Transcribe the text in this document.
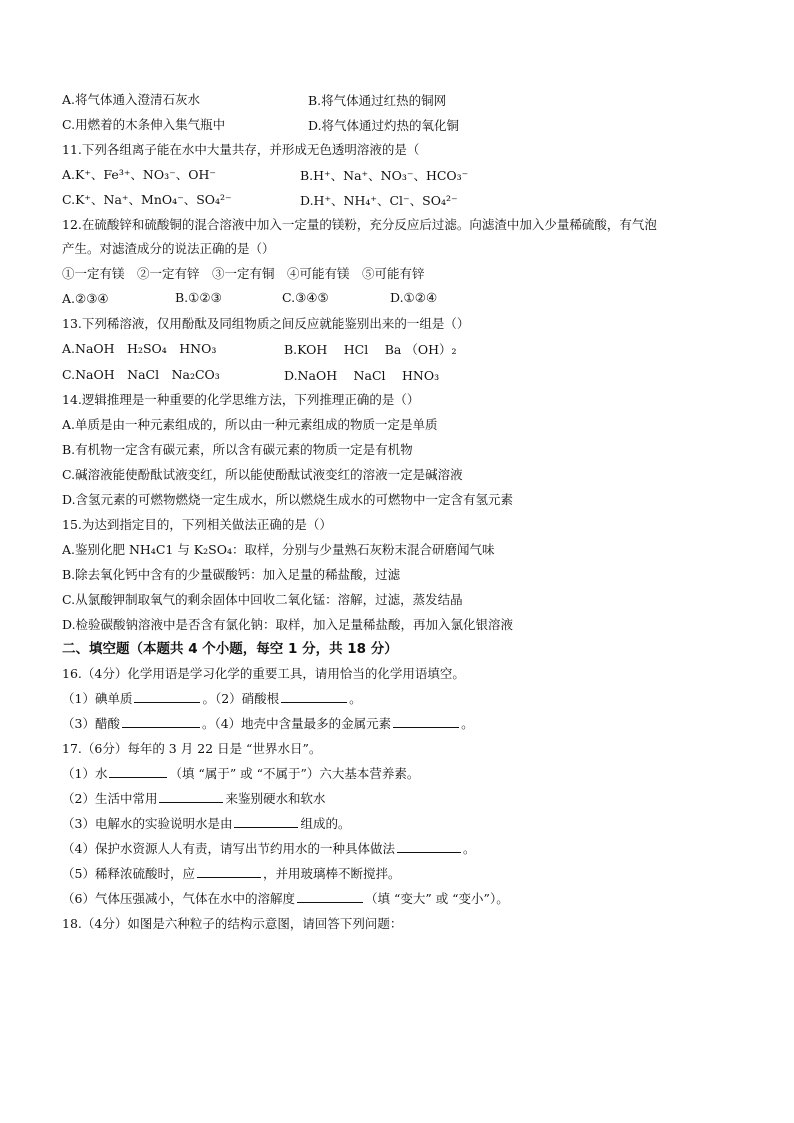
A.将气体通入澄清石灰水	B.将气体通过红热的铜网
C.用燃着的木条伸入集气瓶中	D.将气体通过灼热的氧化铜
11.下列各组离子能在水中大量共存，并形成无色透明溶液的是（
A.K⁺、Fe³⁺、NO₃⁻、OH⁻	B.H⁺、Na⁺、NO₃⁻、HCO₃⁻
C.K⁺、Na⁺、MnO₄⁻、SO₄²⁻	D.H⁺、NH₄⁺、Cl⁻、SO₄²⁻
12.在硫酸锌和硫酸铜的混合溶液中加入一定量的镁粉，充分反应后过滤。向滤渣中加入少量稀硫酸，有气泡
产生。对滤渣成分的说法正确的是（）
①一定有镁　②一定有锌　③一定有铜　④可能有镁　⑤可能有锌
A.②③④	B.①②③	C.③④⑤	D.①②④
13.下列稀溶液，仅用酚酞及同组物质之间反应就能鉴别出来的一组是（）
A.NaOH　H₂SO₄　HNO₃	B.KOH　 HCl　 Ba （OH）₂
C.NaOH　NaCl　Na₂CO₃	D.NaOH　 NaCl　 HNO₃
14.逻辑推理是一种重要的化学思维方法，下列推理正确的是（）
A.单质是由一种元素组成的，所以由一种元素组成的物质一定是单质
B.有机物一定含有碳元素，所以含有碳元素的物质一定是有机物
C.碱溶液能使酚酞试液变红，所以能使酚酞试液变红的溶液一定是碱溶液
D.含氢元素的可燃物燃烧一定生成水，所以燃烧生成水的可燃物中一定含有氢元素
15.为达到指定目的，下列相关做法正确的是（）
A.鉴别化肥 NH₄C1 与 K₂SO₄：取样，分别与少量熟石灰粉末混合研磨闻气味
B.除去氧化钙中含有的少量碳酸钙：加入足量的稀盐酸，过滤
C.从氯酸钾制取氧气的剩余固体中回收二氧化锰：溶解，过滤，蒸发结晶
D.检验碳酸钠溶液中是否含有氯化钠：取样，加入足量稀盐酸，再加入氯化银溶液
二、填空题（本题共 4 个小题，每空 1 分，共 18 分）
16.（4分）化学用语是学习化学的重要工具，请用恰当的化学用语填空。
（1）碘单质	。（2）硝酸根	。
（3）醋酸	。（4）地壳中含量最多的金属元素	。
17.（6分）每年的 3 月 22 日是 “世界水日”。
（1）水	（填 “属于” 或 “不属于”）六大基本营养素。
（2）生活中常用	来鉴别硬水和软水
（3）电解水的实验说明水是由	组成的。
（4）保护水资源人人有责，请写出节约用水的一种具体做法	。
（5）稀释浓硫酸时，应	，并用玻璃棒不断搅拌。
（6）气体压强减小，气体在水中的溶解度	（填 “变大” 或 “变小”）。
18.（4分）如图是六种粒子的结构示意图，请回答下列问题：
